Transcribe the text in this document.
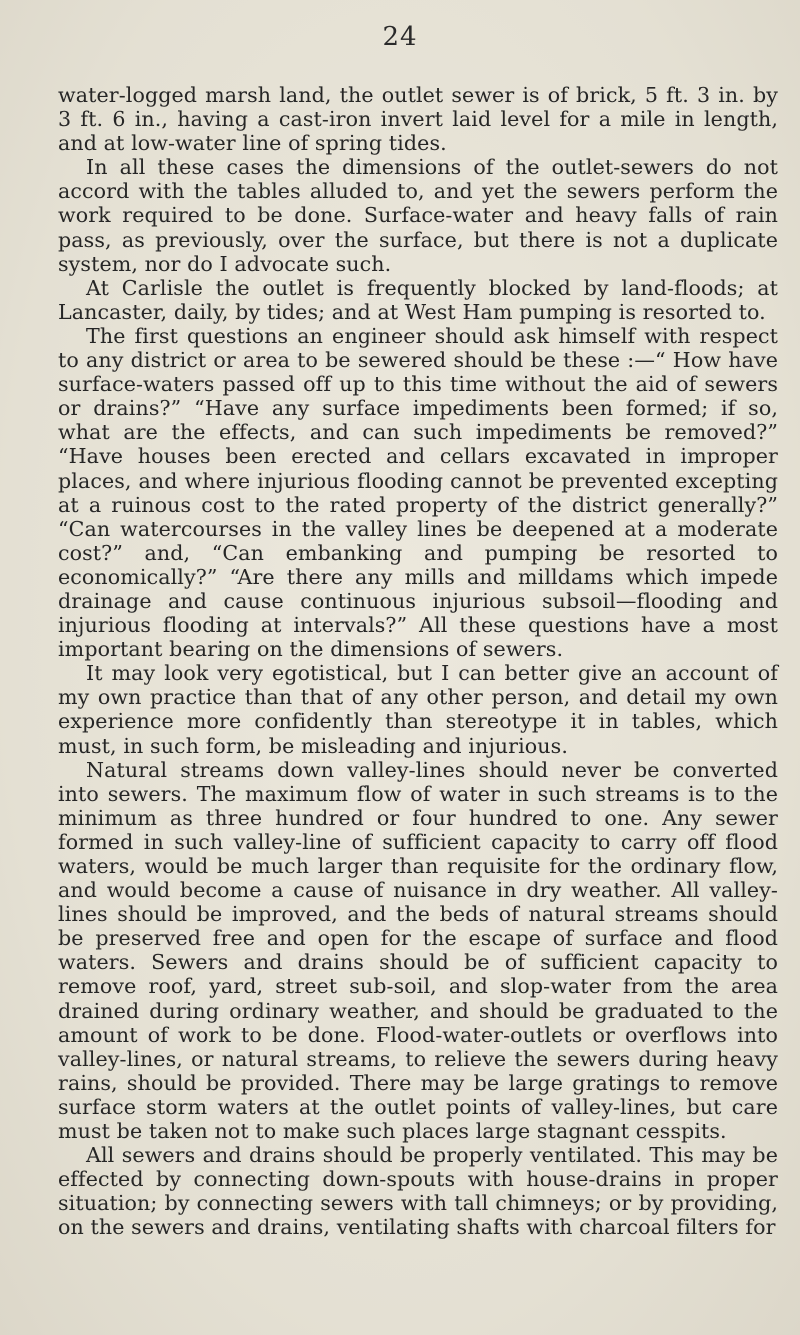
24

water-logged marsh land, the outlet sewer is of brick, 5 ft. 3 in. by 3 ft. 6 in., having a cast-iron invert laid level for a mile in length, and at low-water line of spring tides.

In all these cases the dimensions of the outlet-sewers do not accord with the tables alluded to, and yet the sewers perform the work required to be done. Surface-water and heavy falls of rain pass, as previously, over the surface, but there is not a duplicate system, nor do I advocate such.

At Carlisle the outlet is frequently blocked by land-floods; at Lancaster, daily, by tides; and at West Ham pumping is resorted to.

The first questions an engineer should ask himself with respect to any district or area to be sewered should be these :—“ How have surface-waters passed off up to this time without the aid of sewers or drains?” “Have any surface impediments been formed; if so, what are the effects, and can such impediments be removed?” “Have houses been erected and cellars excavated in improper places, and where injurious flooding cannot be prevented excepting at a ruinous cost to the rated property of the district generally?” “Can watercourses in the valley lines be deepened at a moderate cost?” and, “Can embanking and pumping be resorted to economically?” “Are there any mills and milldams which impede drainage and cause continuous injurious subsoil—flooding and injurious flooding at intervals?” All these questions have a most important bearing on the dimensions of sewers.

It may look very egotistical, but I can better give an account of my own practice than that of any other person, and detail my own experience more confidently than stereotype it in tables, which must, in such form, be misleading and injurious.

Natural streams down valley-lines should never be converted into sewers. The maximum flow of water in such streams is to the minimum as three hundred or four hundred to one. Any sewer formed in such valley-line of sufficient capacity to carry off flood waters, would be much larger than requisite for the ordinary flow, and would become a cause of nuisance in dry weather. All valley-lines should be improved, and the beds of natural streams should be preserved free and open for the escape of surface and flood waters. Sewers and drains should be of sufficient capacity to remove roof, yard, street sub-soil, and slop-water from the area drained during ordinary weather, and should be graduated to the amount of work to be done. Flood-water-outlets or overflows into valley-lines, or natural streams, to relieve the sewers during heavy rains, should be provided. There may be large gratings to remove surface storm waters at the outlet points of valley-lines, but care must be taken not to make such places large stagnant cesspits.

All sewers and drains should be properly ventilated. This may be effected by connecting down-spouts with house-drains in proper situation; by connecting sewers with tall chimneys; or by providing, on the sewers and drains, ventilating shafts with charcoal filters for
